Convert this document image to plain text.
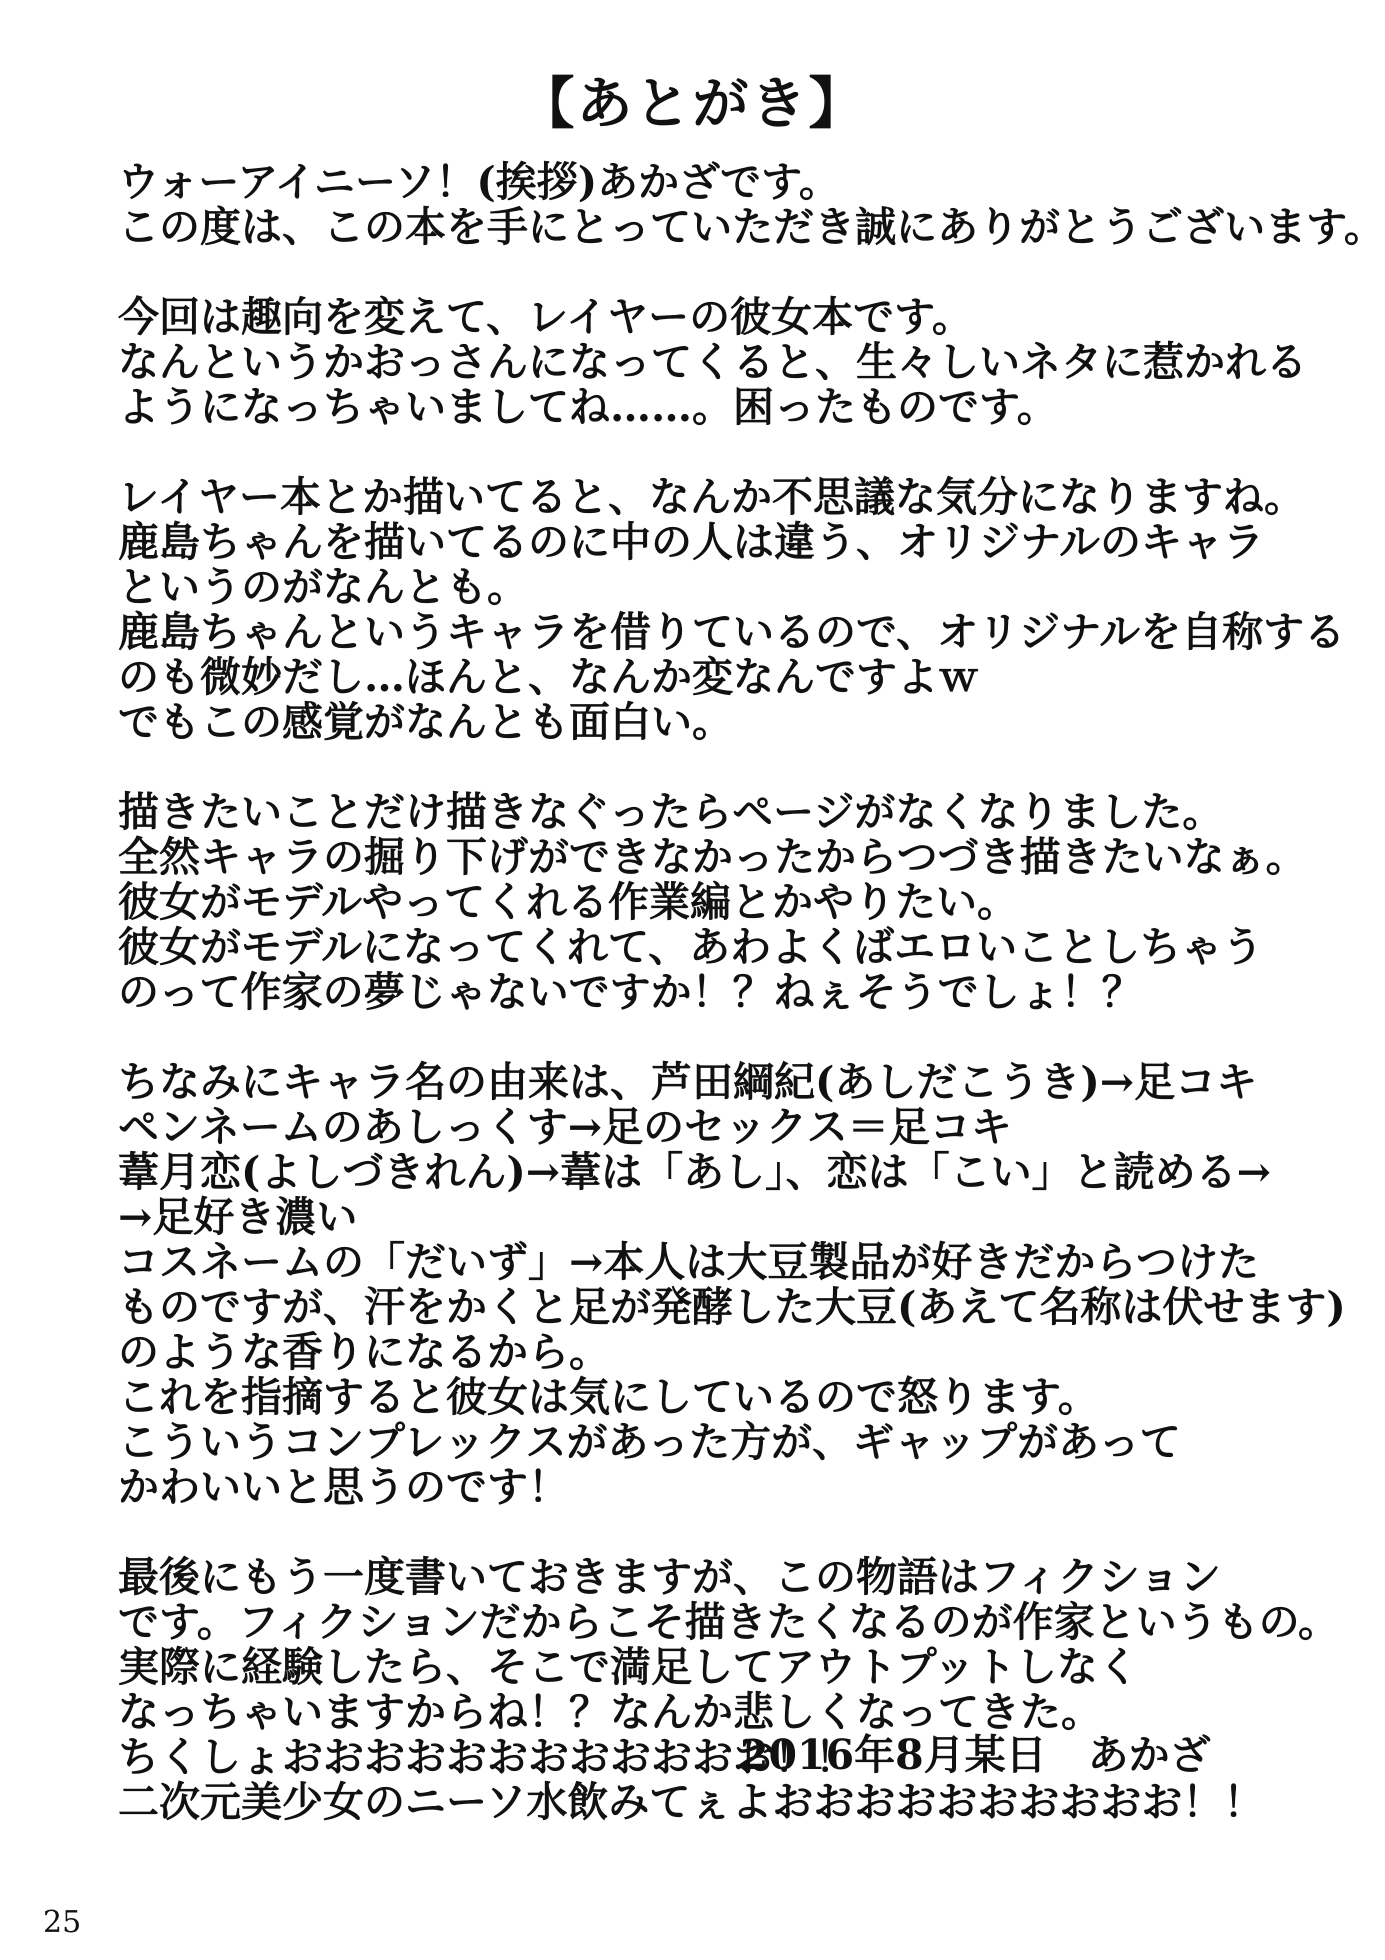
【あとがき】
ウォーアイニーソ！(挨拶)あかざです。
この度は、この本を手にとっていただき誠にありがとうございます。
今回は趣向を変えて、レイヤーの彼女本です。
なんというかおっさんになってくると、生々しいネタに惹かれる
ようになっちゃいましてね……。困ったものです。
レイヤー本とか描いてると、なんか不思議な気分になりますね。
鹿島ちゃんを描いてるのに中の人は違う、オリジナルのキャラ
というのがなんとも。
鹿島ちゃんというキャラを借りているので、オリジナルを自称する
のも微妙だし…ほんと、なんか変なんですよｗ
でもこの感覚がなんとも面白い。
描きたいことだけ描きなぐったらページがなくなりました。
全然キャラの掘り下げができなかったからつづき描きたいなぁ。
彼女がモデルやってくれる作業編とかやりたい。
彼女がモデルになってくれて、あわよくばエロいことしちゃう
のって作家の夢じゃないですか！？ねぇそうでしょ！？
ちなみにキャラ名の由来は、芦田綱紀(あしだこうき)→足コキ
ペンネームのあしっくす→足のセックス＝足コキ
葦月恋(よしづきれん)→葦は「あし」、恋は「こい」と読める→
→足好き濃い
コスネームの「だいず」→本人は大豆製品が好きだからつけた
ものですが、汗をかくと足が発酵した大豆(あえて名称は伏せます)
のような香りになるから。
これを指摘すると彼女は気にしているので怒ります。
こういうコンプレックスがあった方が、ギャップがあって
かわいいと思うのです！
最後にもう一度書いておきますが、この物語はフィクション
です。フィクションだからこそ描きたくなるのが作家というもの。
実際に経験したら、そこで満足してアウトプットしなく
なっちゃいますからね！？なんか悲しくなってきた。
ちくしょおおおおおおおおおおおお！！
二次元美少女のニーソ水飲みてぇよおおおおおおおおおお！！
2016年8月某日　あかざ
25
